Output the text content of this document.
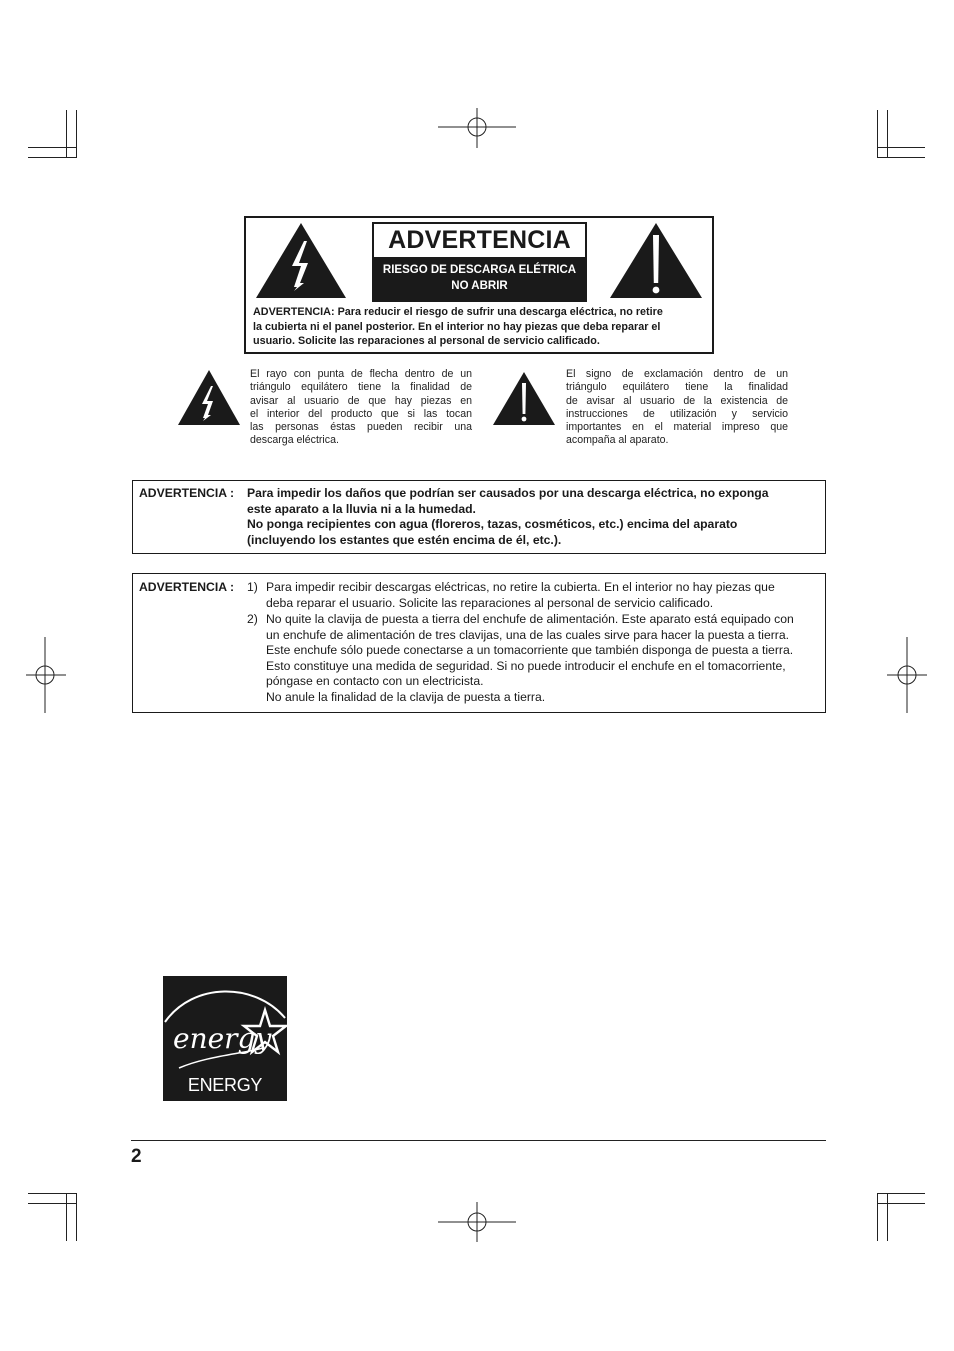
ADVERTENCIA
RIESGO DE DESCARGA ELÉTRICA
NO ABRIR
ADVERTENCIA: Para reducir el riesgo de sufrir una descarga eléctrica, no retire
la cubierta ni el panel posterior. En el interior no hay piezas que deba reparar el
usuario. Solicite las reparaciones al personal de servicio calificado.
El rayo con punta de flecha dentro de un
triángulo equilátero tiene la finalidad de
avisar al usuario de que hay piezas en
el interior del producto que si las tocan
las personas éstas pueden recibir una
descarga eléctrica.
El signo de exclamación dentro de un
triángulo equilátero tiene la finalidad
de avisar al usuario de la existencia de
instrucciones de utilización y servicio
importantes en el material impreso que
acompaña al aparato.
ADVERTENCIA : Para impedir los daños que podrían ser causados por una descarga eléctrica, no exponga
este aparato a la lluvia ni a la humedad.
No ponga recipientes con agua (floreros, tazas, cosméticos, etc.) encima del aparato
(incluyendo los estantes que estén encima de él, etc.).
ADVERTENCIA : 1) Para impedir recibir descargas eléctricas, no retire la cubierta. En el interior no hay piezas que
deba reparar el usuario. Solicite las reparaciones al personal de servicio calificado.
2) No quite la clavija de puesta a tierra del enchufe de alimentación. Este aparato está equipado con
un enchufe de alimentación de tres clavijas, una de las cuales sirve para hacer la puesta a tierra.
Este enchufe sólo puede conectarse a un tomacorriente que también disponga de puesta a tierra.
Esto constituye una medida de seguridad. Si no puede introducir el enchufe en el tomacorriente,
póngase en contacto con un electricista.
No anule la finalidad de la clavija de puesta a tierra.
energy
ENERGY STAR
2
